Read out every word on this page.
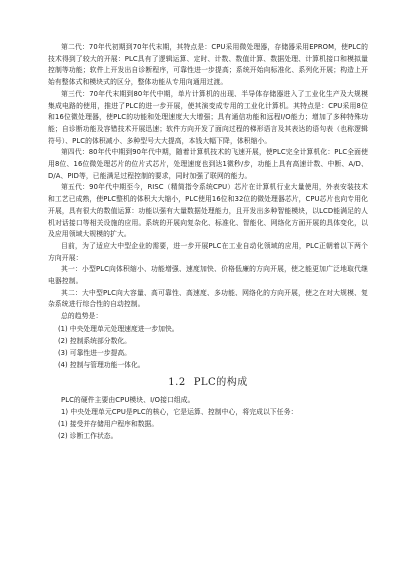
第二代：70年代初期到70年代末期，其特点是：CPU采用微处理器，存储器采用EPROM，使PLC的技术得到了较大的开展：PLC具有了逻辑运算、定时、计数、数值计算、数据处理、计算机接口和模拟量控制等功能；软件上开发出自诊断程序，可靠性进一步提高；系统开始向标准化、系列化开展；构造上开始有整体式和模块式的区分，整体功能从专用向通用过渡。

第三代：70年代末期到80年代中期，单片计算机的出现、半导体存储器进入了工业化生产及大规模集成电路的使用，推进了PLC的进一步开展，使其演变成专用的工业化计算机。其特点是：CPU采用8位和16位微处理器，使PLC的功能和处理速度大大增强；具有通信功能和远程I/O能力；增加了多种特殊功能；自诊断功能及容错技术开展迅速；软件方向开发了面向过程的梯形语言及其表达的语句表（也称逻辑符号）、PLC的体积减小、多种型号大大提高，本钱大幅下降，体积缩小。

第四代：80年代中期到90年代中期，随着计算机技术的飞速开展，使PLC完全计算机化：PLC全面使用8位、16位微处理芯片的位片式芯片，处理速度也到达1微秒/步，功能上具有高速计数、中断、A/D、D/A、PID等，已能满足过程控制的要求，同时加强了联网的能力。

第五代：90年代中期至今，RISC（精简指令系统CPU）芯片在计算机行业大量使用，外表安装技术和工艺已成熟，使PLC整机的体积大大缩小，PLC使用16位和32位的微处理器芯片，CPU芯片也向专用化开展，具有很大的数值运算：功能以强有大量数据处理能力，且开发出多种智能模块，以LCD能满足的人机对话接口等相关设施的应用。系统的开展向复杂化、标准化、智能化、网络化方面开展的具体变化，以及应用领域大规模的扩大。

目前，为了适应大中型企业的需要，进一步开展PLC在工业自动化领域的应用，PLC正朝着以下两个方向开展：

其一：小型PLC向体积缩小、功能增强、速度加快、价格低廉的方向开展，使之能更加广泛地取代继电器控制。

其二：大中型PLC向大容量、高可靠性、高速度、多功能、网络化的方向开展，使之在对大规模、复杂系统进行综合性的自动控制。

总的趋势是：

(1) 中央处理单元处理速度进一步加快。

(2) 控制系统部分数化。

(3) 可靠性进一步提高。

(4) 控制与管理功能一体化。

1.2 PLC的构成

PLC的硬件主要由CPU模块、I/O接口组成。

1) 中央处理单元CPU是PLC的核心，它是运算、控制中心，将完成以下任务：

(1) 接受并存储用户程序和数据。

(2) 诊断工作状态。
